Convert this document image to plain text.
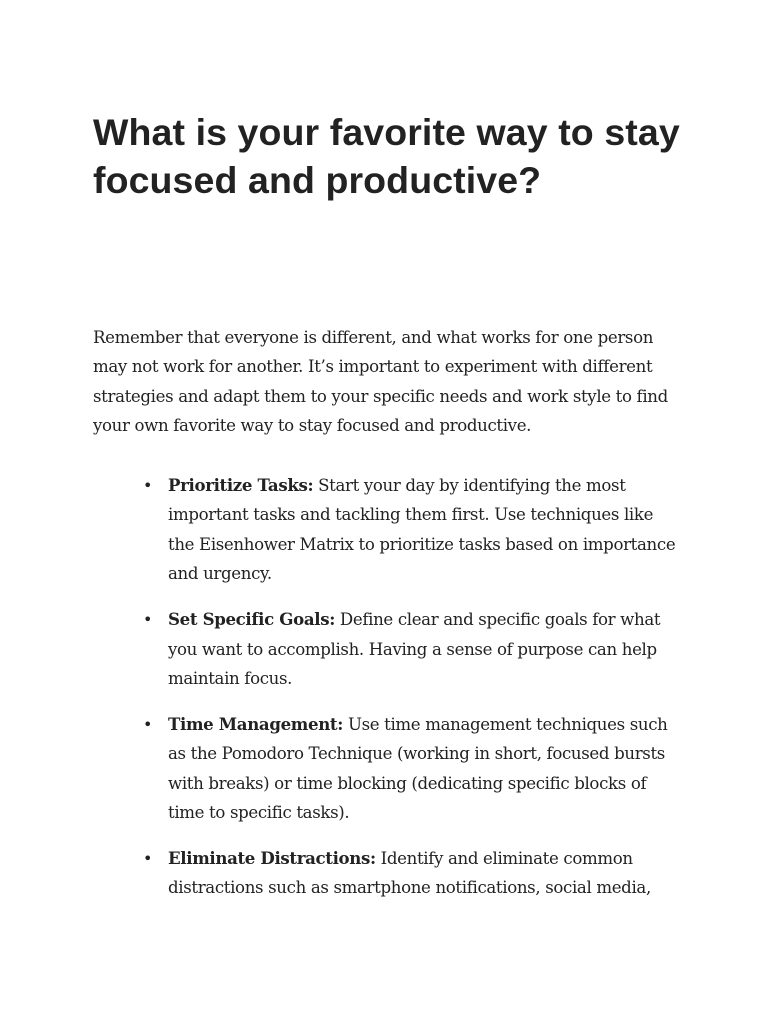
What is your favorite way to stay focused and productive?

Remember that everyone is different, and what works for one person may not work for another. It’s important to experiment with different strategies and adapt them to your specific needs and work style to find your own favorite way to stay focused and productive.

• Prioritize Tasks: Start your day by identifying the most important tasks and tackling them first. Use techniques like the Eisenhower Matrix to prioritize tasks based on importance and urgency.
• Set Specific Goals: Define clear and specific goals for what you want to accomplish. Having a sense of purpose can help maintain focus.
• Time Management: Use time management techniques such as the Pomodoro Technique (working in short, focused bursts with breaks) or time blocking (dedicating specific blocks of time to specific tasks).
• Eliminate Distractions: Identify and eliminate common distractions such as smartphone notifications, social media,
